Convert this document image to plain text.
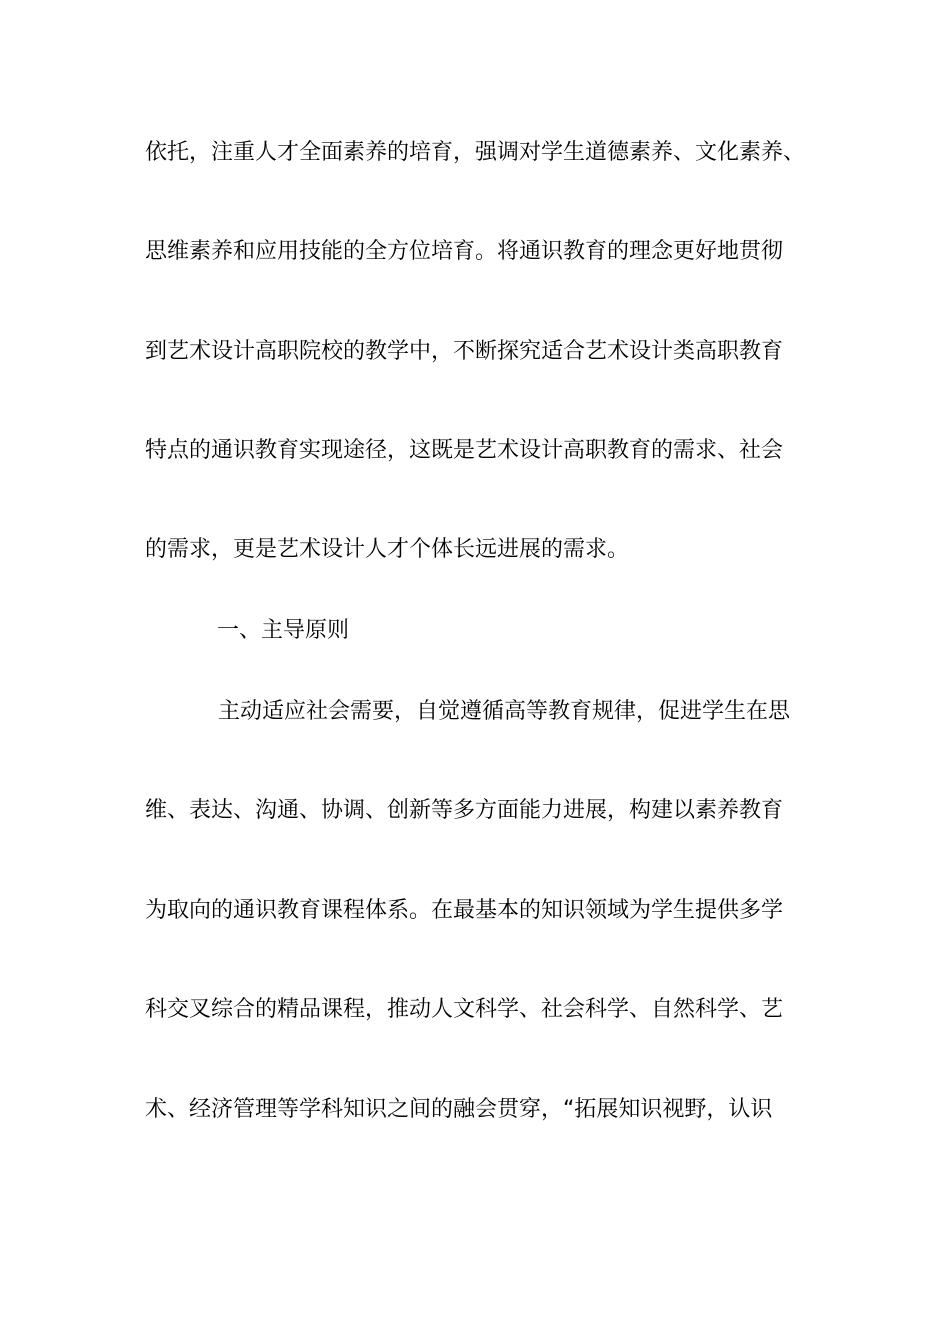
依托，注重人才全面素养的培育，强调对学生道德素养、文化素养、
思维素养和应用技能的全方位培育。将通识教育的理念更好地贯彻
到艺术设计高职院校的教学中，不断探究适合艺术设计类高职教育
特点的通识教育实现途径，这既是艺术设计高职教育的需求、社会
的需求，更是艺术设计人才个体长远进展的需求。
一、主导原则
主动适应社会需要，自觉遵循高等教育规律，促进学生在思
维、表达、沟通、协调、创新等多方面能力进展，构建以素养教育
为取向的通识教育课程体系。在最基本的知识领域为学生提供多学
科交叉综合的精品课程，推动人文科学、社会科学、自然科学、艺
术、经济管理等学科知识之间的融会贯穿，“拓展知识视野，认识
